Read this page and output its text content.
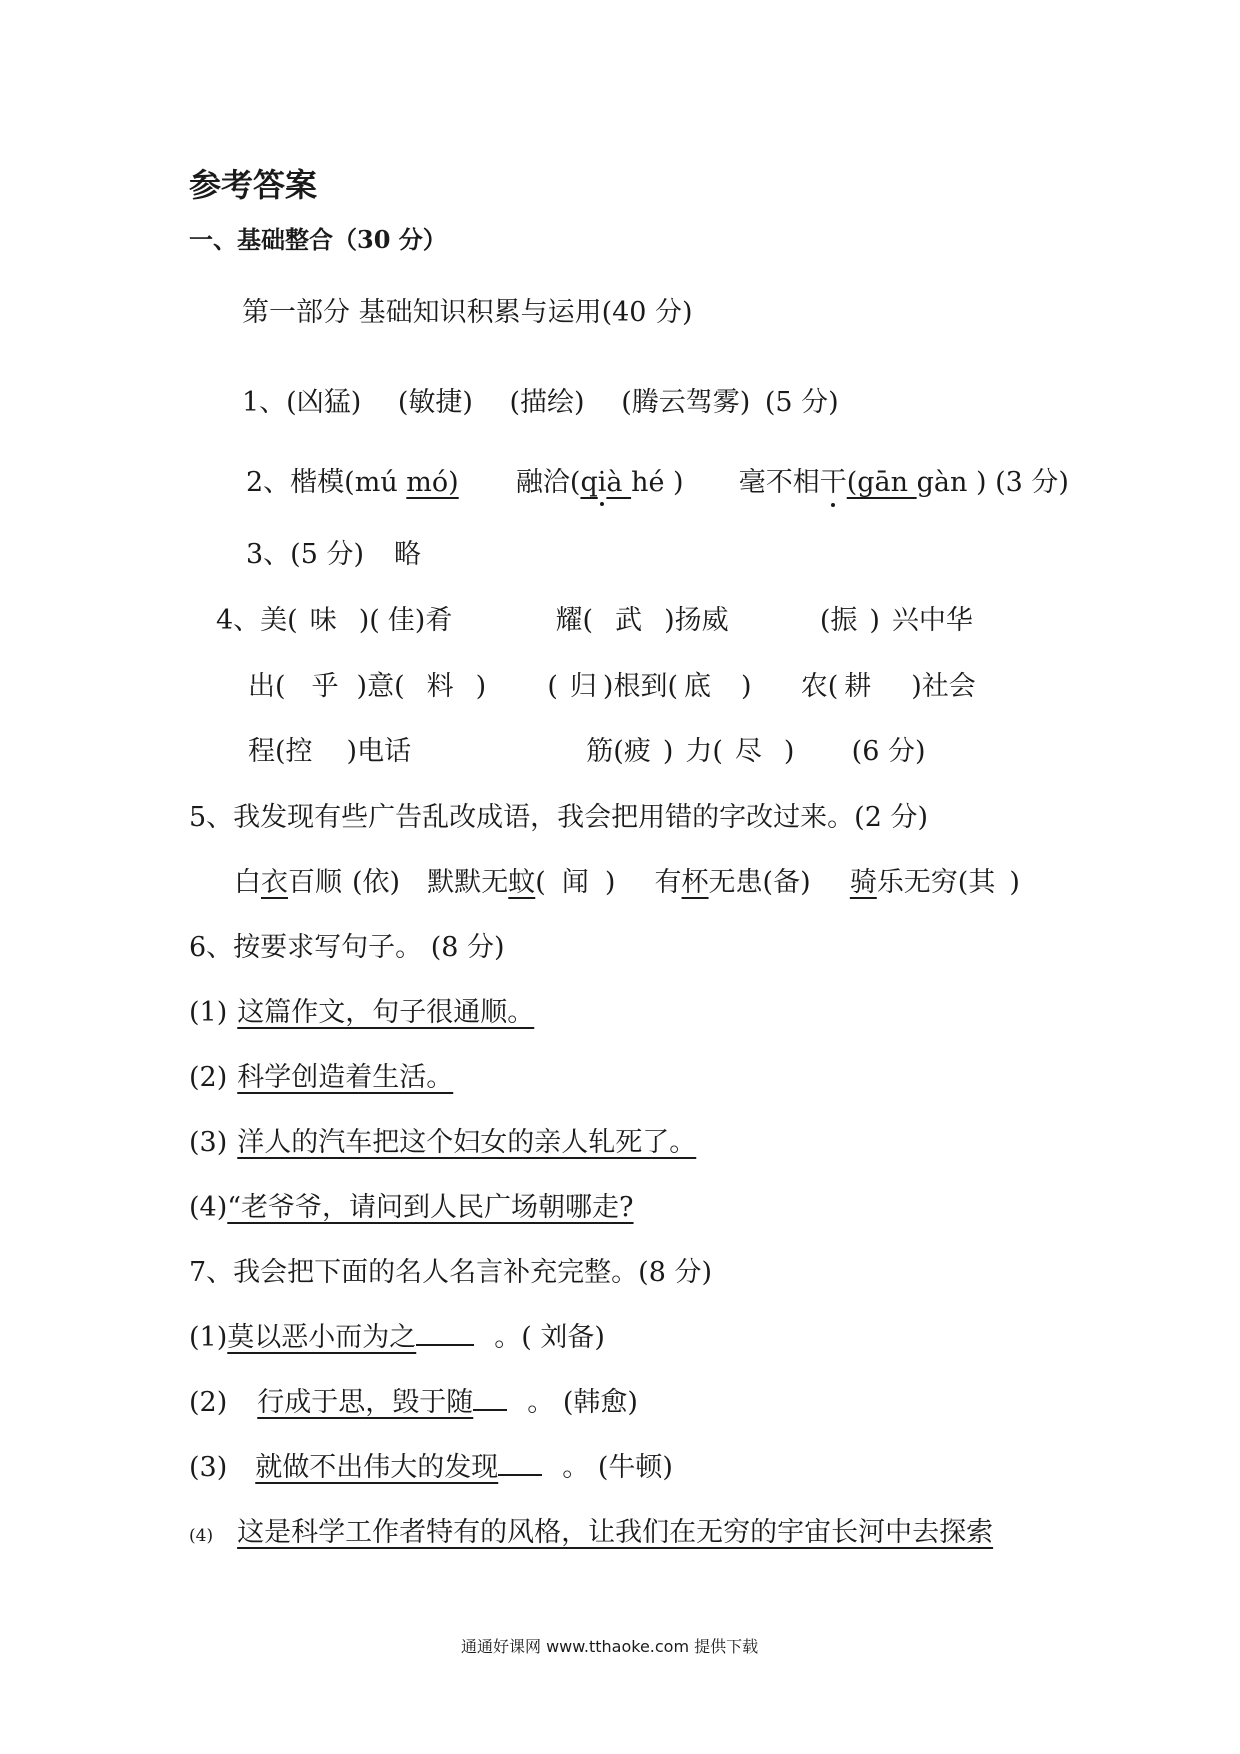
参考答案
一、基础整合（30 分）
第一部分 基础知识积累与运用(40 分)
1、(凶猛) (敏捷) (描绘) (腾云驾雾) (5 分)
2、楷模(mú mó) 融洽(qià hé ) 毫不相干(gān gàn ) (3 分)
3、(5 分) 略
4、美( 味 )( 佳)肴	耀( 武 )扬威	(振 ) 兴中华
出( 乎 )意( 料 ) ( 归 )根到( 底 ) 农( 耕 )社会
程(控 )电话	筋(疲 ) 力( 尽 ) (6 分)
5、我发现有些广告乱改成语，我会把用错的字改过来。(2 分)
白衣百顺 (依) 默默无蚊( 闻 ) 有杯无患(备) 骑乐无穷(其 )
6、按要求写句子。 (8 分)
(1) 这篇作文，句子很通顺。
(2) 科学创造着生活。
(3) 洋人的汽车把这个妇女的亲人轧死了。
(4)“老爷爷，请问到人民广场朝哪走?
7、我会把下面的名人名言补充完整。(8 分)
(1)莫以恶小而为之	。( 刘备)
(2) 行成于思，毁于随 。 (韩愈)
(3) 就做不出伟大的发现 。 (牛顿)
(4) 这是科学工作者特有的风格，让我们在无穷的宇宙长河中去探索
通通好课网 www.tthaoke.com 提供下载
